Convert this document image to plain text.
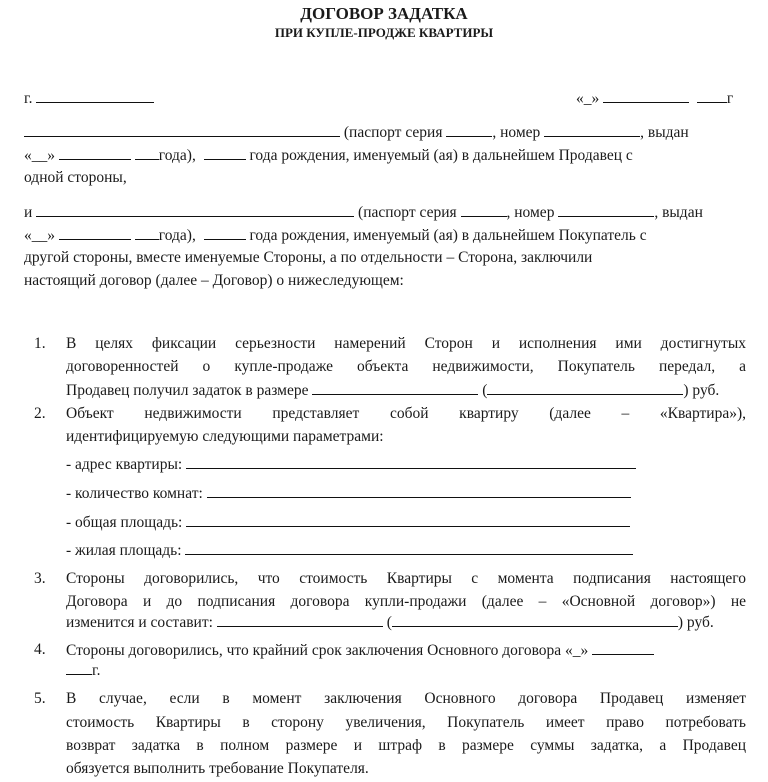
ДОГОВОР ЗАДАТКА
ПРИ КУПЛЕ-ПРОДЖЕ КВАРТИРЫ
г.	«_»	г
(паспорт серия	, номер	, выдан
«__»	года),	года рождения, именуемый (ая) в дальнейшем Продавец с
одной стороны,
и	(паспорт серия	, номер	, выдан
«__»	года),	года рождения, именуемый (ая) в дальнейшем Покупатель с
другой стороны, вместе именуемые Стороны, а по отдельности – Сторона, заключили
настоящий договор (далее – Договор) о нижеследующем:
1. В целях фиксации серьезности намерений Сторон и исполнения ими достигнутых
договоренностей о купле-продаже объекта недвижимости, Покупатель передал, а
Продавец получил задаток в размере	(	) руб.
2. Объект недвижимости представляет собой квартиру (далее – «Квартира»),
идентифицируемую следующими параметрами:
- адрес квартиры:
- количество комнат:
- общая площадь:
- жилая площадь:
3. Стороны договорились, что стоимость Квартиры с момента подписания настоящего
Договора и до подписания договора купли-продажи (далее – «Основной договор») не
изменится и составит:	(	) руб.
4. Стороны договорились, что крайний срок заключения Основного договора «_»
г.
5. В случае, если в момент заключения Основного договора Продавец изменяет
стоимость Квартиры в сторону увеличения, Покупатель имеет право потребовать
возврат задатка в полном размере и штраф в размере суммы задатка, а Продавец
обязуется выполнить требование Покупателя.
